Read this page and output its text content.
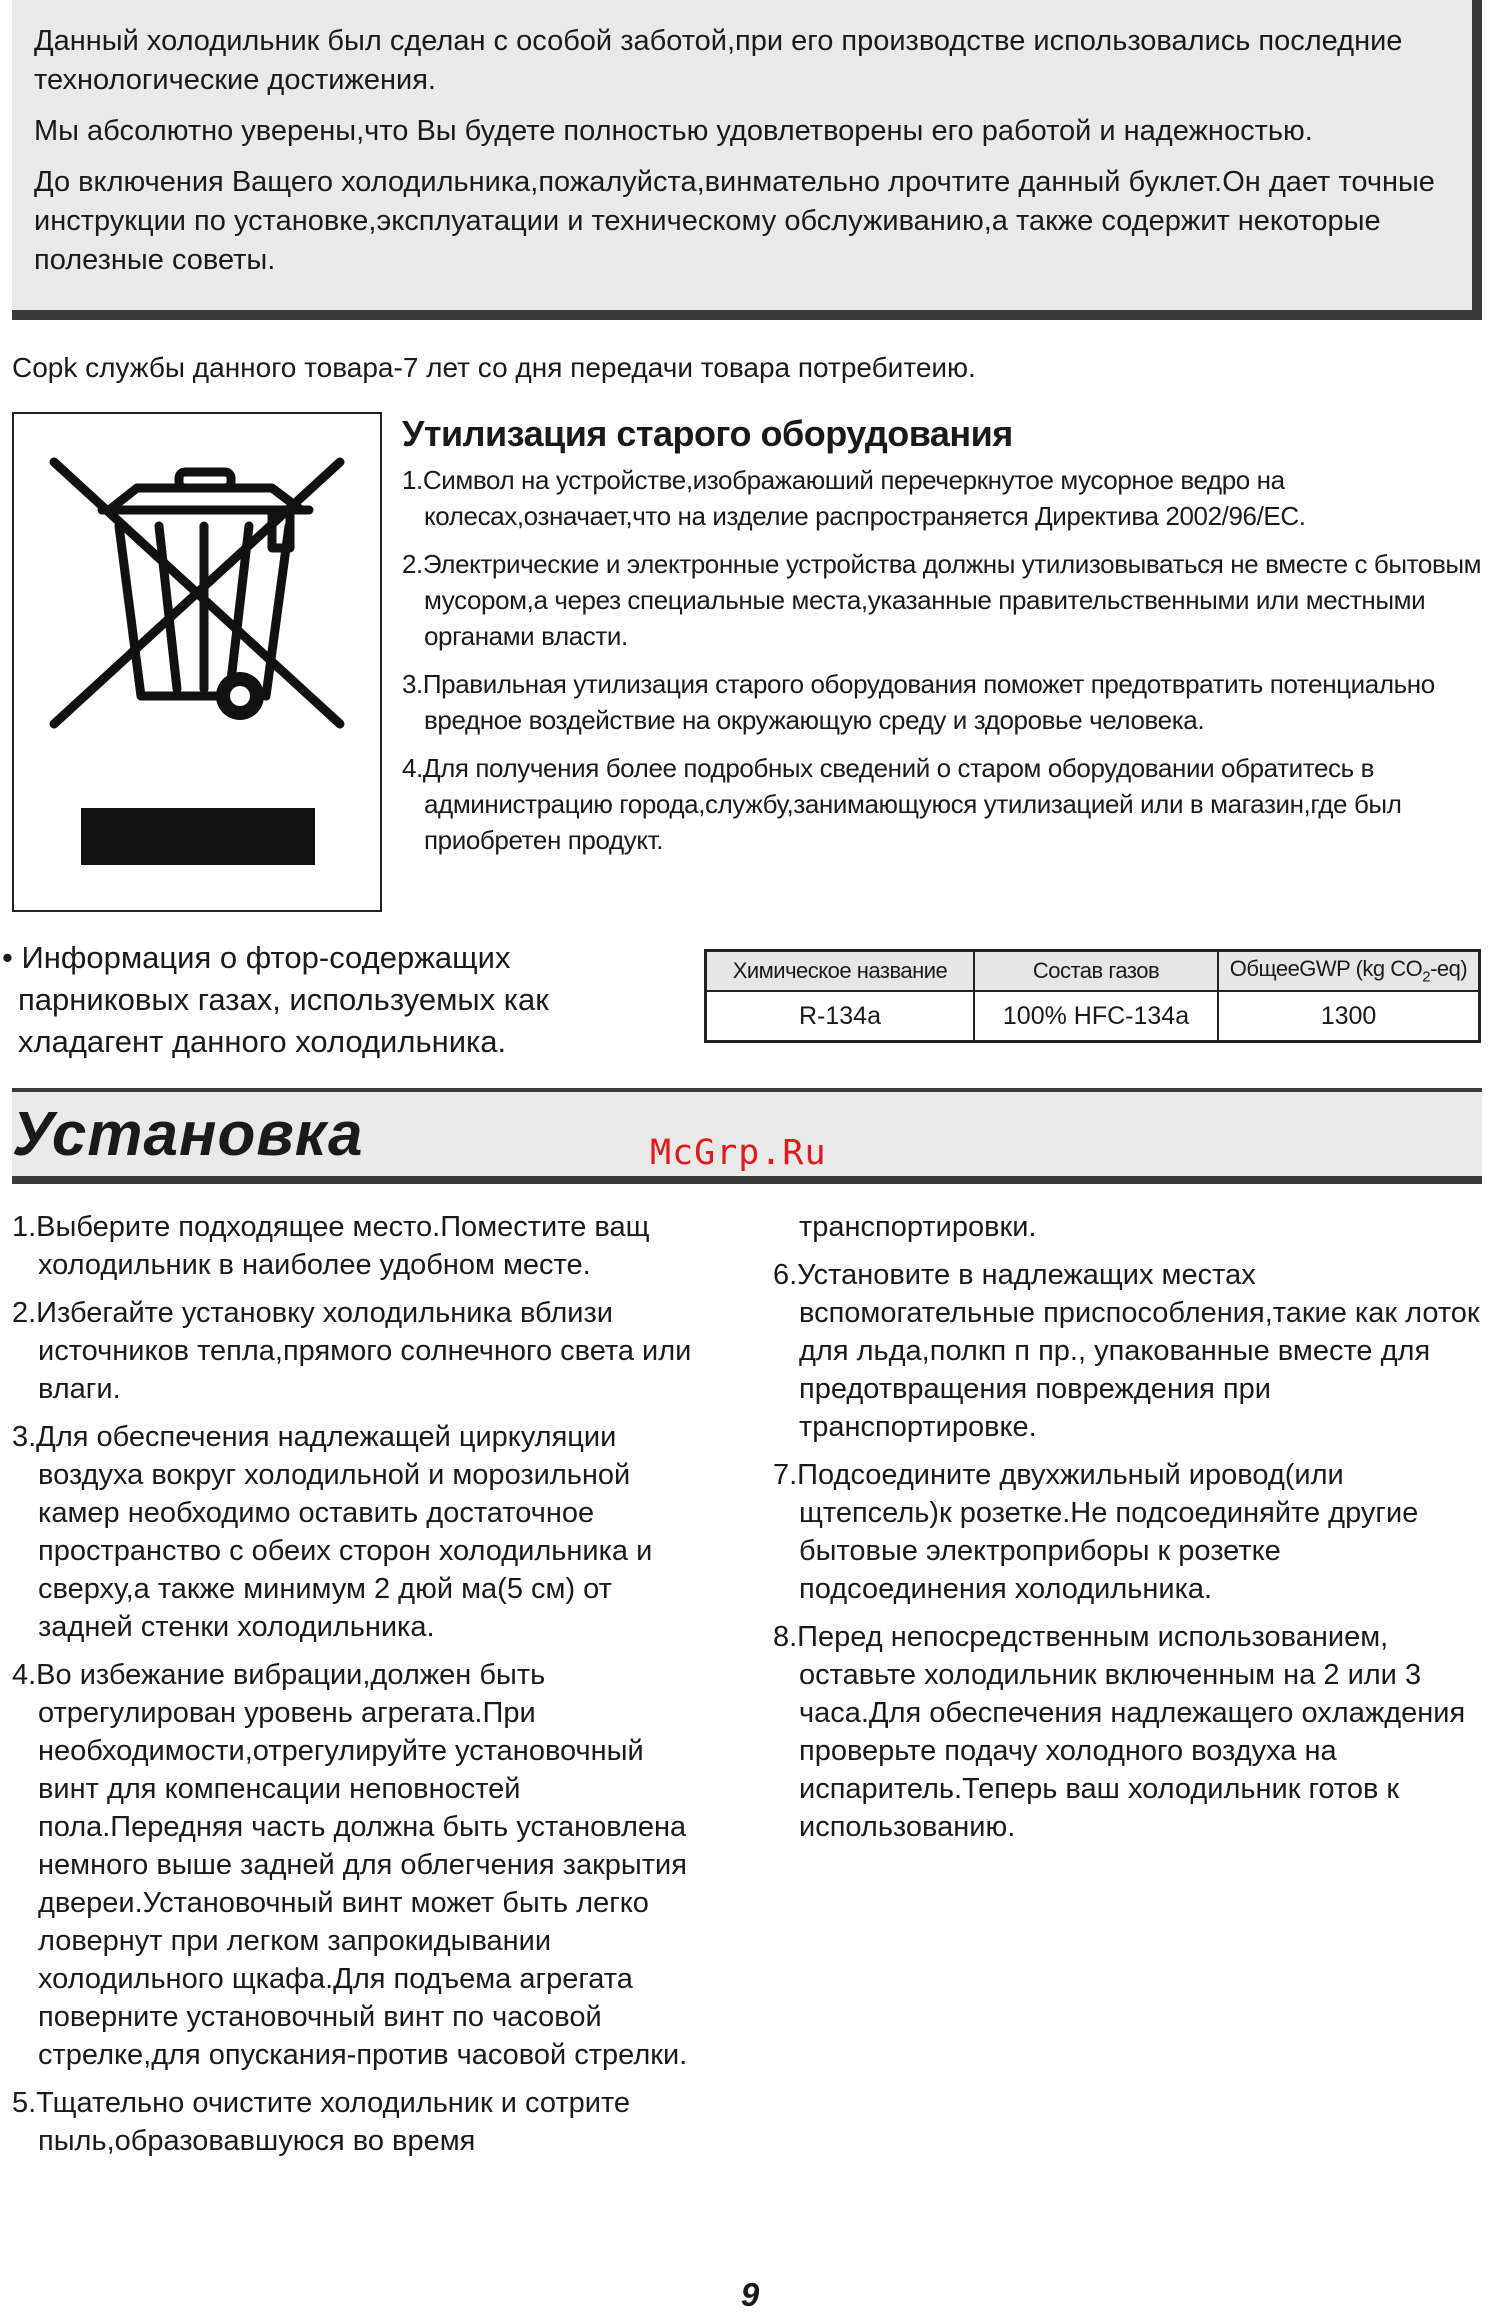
Данный холодильник был сделан с особой заботой,при его производстве использовались последние технологические достижения.

Мы абсолютно уверены,что Вы будете полностью удовлетворены его работой и надежностью.

До включения Ващего холодильника,пожалуйста,винмательно лрочтите данный буклет.Он дает точные инструкции по установке,эксплуатации и техническому обслуживанию,а также содержит некоторые полезные советы.

Copk службы данного товара-7 лет со дня передачи товара потребитеию.

Утилизация старого оборудования
1.Символ на устройстве,изображаюший перечеркнутое мусорное ведро на колесах,означает,что на изделие распространяется Директива 2002/96/EC.
2.Электрические и электронные устройства должны утилизовываться не вместе с бытовым мусором,а через специальные места,указанные правительственными или местными органами власти.
3.Правильная утилизация старого оборудования поможет предотвратить потенциально вредное воздействие на окружающую среду и здоровье человека.
4.Для получения более подробных сведений о старом оборудовании обратитесь в администрацию города,службу,занимающуюся утилизацией или в магазин,где был приобретен продукт.

• Информация о фтор-содержащих парниковых газах, используемых как хладагент данного холодильника.

Химическое название	Состав газов	ОбщееGWP (kg $CO_2-eq$)
R-134a	100% HFC-134a	1300
Установка	McGrp.Ru

1.Выберите подходящее место.Поместите ващ холодильник в наиболее удобном месте.
2.Избегайте установку холодильника вблизи источников тепла,прямого солнечного света или влаги.
3.Для обеспечения надлежащей циркуляции воздуха вокруг холодильной и морозильной камер необходимо оставить достаточное пространство с обеих сторон холодильника и сверху,а также минимум 2 дюй ма(5 см) от задней стенки холодильника.
4.Во избежание вибрации,должен быть отрегулирован уровень агрегата.При необходимости,отрегулируйте установочный винт для компенсации неповностей пола.Передняя часть должна быть установлена немного выше задней для облегчения закрытия двереи.Установочный винт может быть легко ловернут при легком запрокидывании холодильного щкафа.Для подъема агрегата поверните установочный винт по часовой стрелке,для опускания-против часовой стрелки.
5.Тщательно очистите холодильник и сотрите пыль,образовавшуюся во время
транспортировки.
6.Установите в надлежащих местах вспомогательные приспособления,такие как лоток для льда,полкп п пр., упакованные вместе для предотвращения повреждения при транспортировке.
7.Подсоедините двухжильный ировод(или щтепсель)к розетке.Не подсоединяйте другие бытовые электроприборы к розетке подсоединения холодильника.
8.Перед непосредственным использованием, оставьте холодильник включенным на 2 или 3 часа.Для обеспечения надлежащего охлаждения проверьте подачу холодного воздуха на испаритель.Теперь ваш холодильник готов к использованию.

9
